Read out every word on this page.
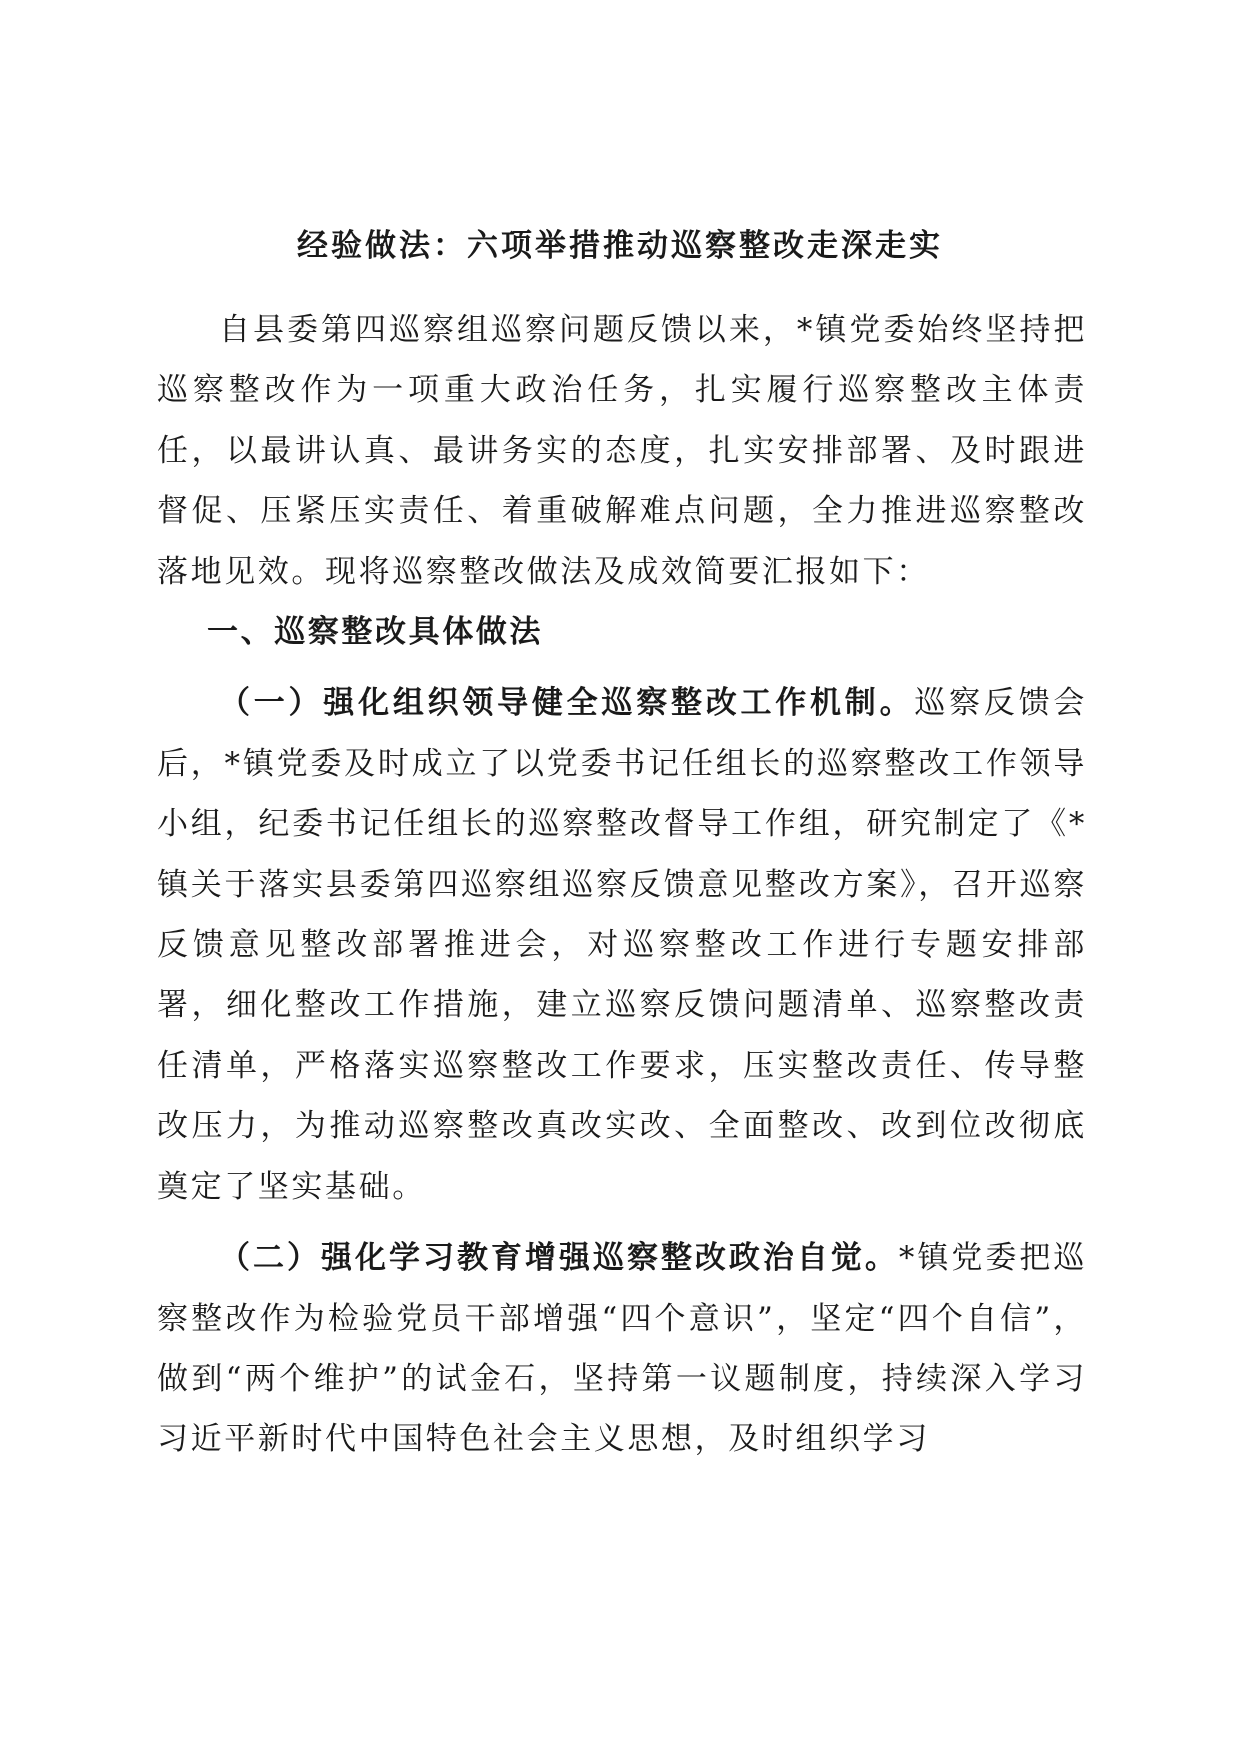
经验做法：六项举措推动巡察整改走深走实

自县委第四巡察组巡察问题反馈以来，*镇党委始终坚持把巡察整改作为一项重大政治任务，扎实履行巡察整改主体责任，以最讲认真、最讲务实的态度，扎实安排部署、及时跟进督促、压紧压实责任、着重破解难点问题，全力推进巡察整改落地见效。现将巡察整改做法及成效简要汇报如下：

一、巡察整改具体做法

（一）强化组织领导健全巡察整改工作机制。巡察反馈会后，*镇党委及时成立了以党委书记任组长的巡察整改工作领导小组，纪委书记任组长的巡察整改督导工作组，研究制定了《*镇关于落实县委第四巡察组巡察反馈意见整改方案》，召开巡察反馈意见整改部署推进会，对巡察整改工作进行专题安排部署，细化整改工作措施，建立巡察反馈问题清单、巡察整改责任清单，严格落实巡察整改工作要求，压实整改责任、传导整改压力，为推动巡察整改真改实改、全面整改、改到位改彻底奠定了坚实基础。

（二）强化学习教育增强巡察整改政治自觉。*镇党委把巡察整改作为检验党员干部增强“四个意识”，坚定“四个自信”，做到“两个维护”的试金石，坚持第一议题制度，持续深入学习习近平新时代中国特色社会主义思想，及时组织学习
